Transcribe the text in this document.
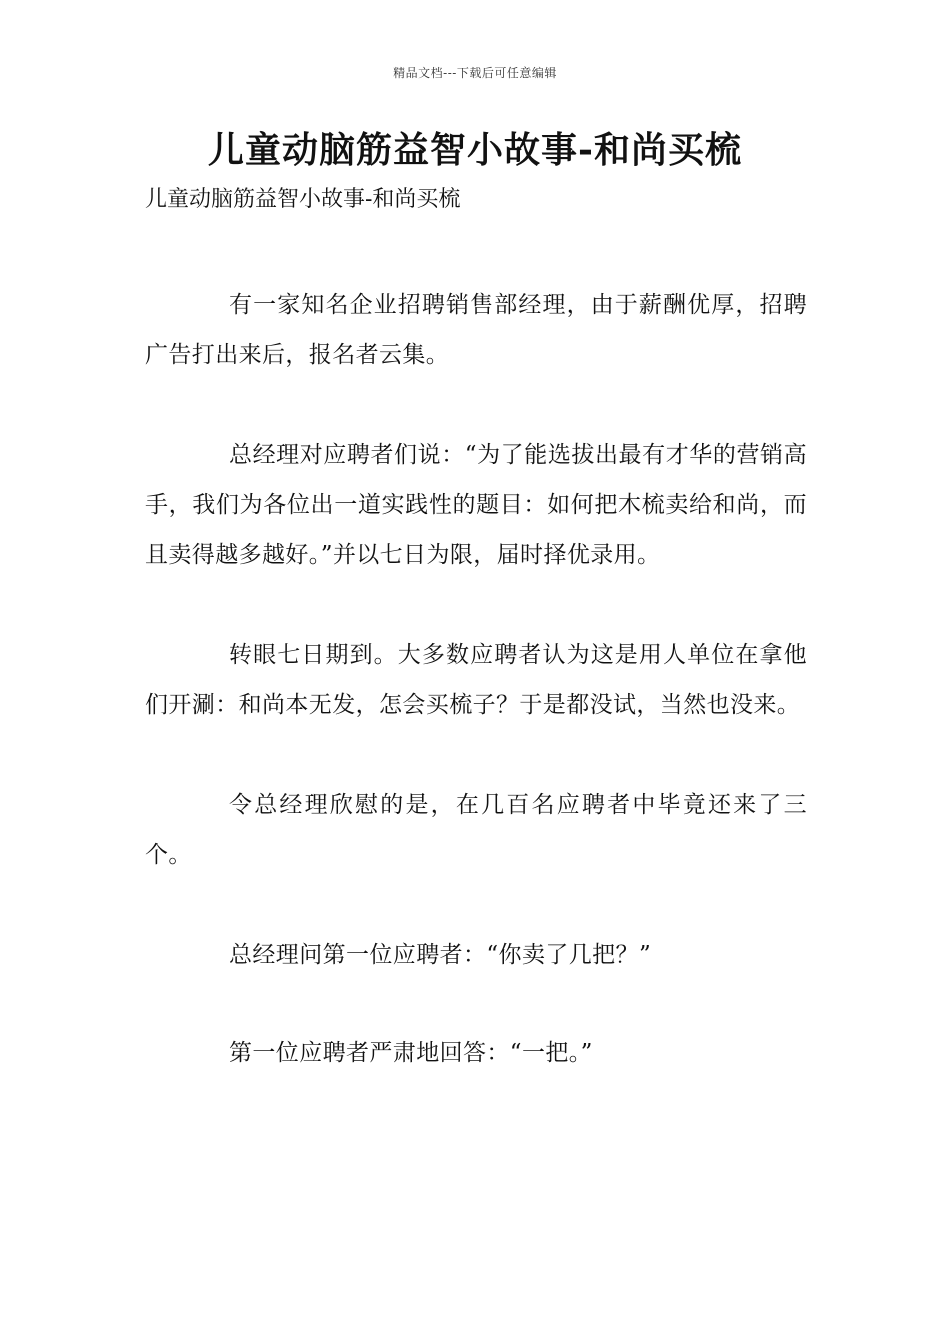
精品文档---下载后可任意编辑
儿童动脑筋益智小故事-和尚买梳

儿童动脑筋益智小故事-和尚买梳

有一家知名企业招聘销售部经理，由于薪酬优厚，招聘广告打出来后，报名者云集。

总经理对应聘者们说：“为了能选拔出最有才华的营销高手，我们为各位出一道实践性的题目：如何把木梳卖给和尚，而且卖得越多越好。”并以七日为限，届时择优录用。

转眼七日期到。大多数应聘者认为这是用人单位在拿他们开涮：和尚本无发，怎会买梳子？于是都没试，当然也没来。

令总经理欣慰的是，在几百名应聘者中毕竟还来了三个。

总经理问第一位应聘者：“你卖了几把？”

第一位应聘者严肃地回答：“一把。”
